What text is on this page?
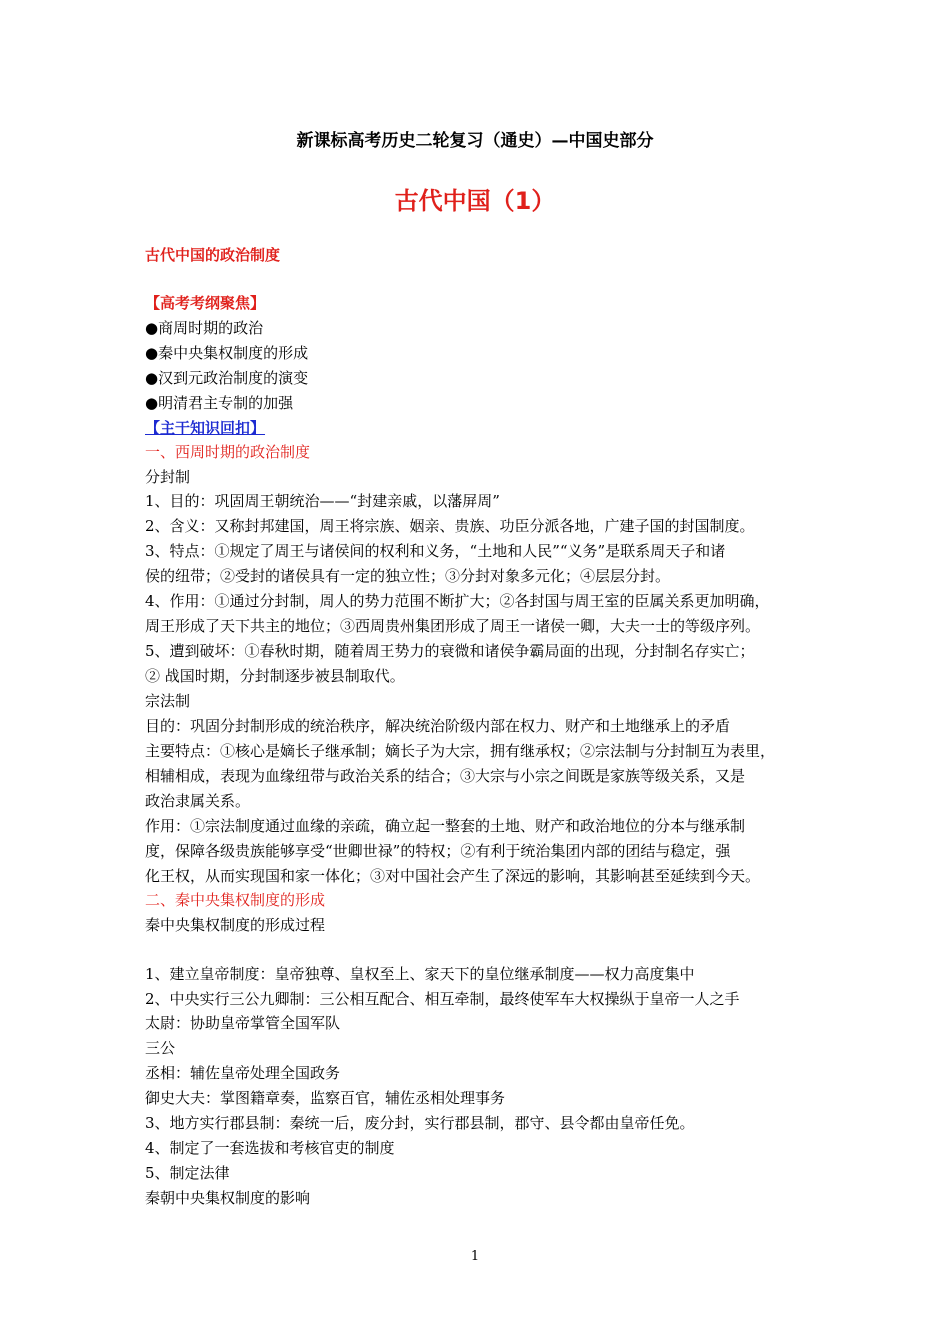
新课标高考历史二轮复习（通史）—中国史部分
古代中国（1）
古代中国的政治制度
【高考考纲聚焦】
●商周时期的政治
●秦中央集权制度的形成
●汉到元政治制度的演变
●明清君主专制的加强
【主干知识回扣】
一、西周时期的政治制度
分封制
1、目的：巩固周王朝统治——“封建亲戚，以藩屏周”
2、含义：又称封邦建国，周王将宗族、姻亲、贵族、功臣分派各地，广建子国的封国制度。
3、特点：①规定了周王与诸侯间的权利和义务，“土地和人民”“义务”是联系周天子和诸
侯的纽带；②受封的诸侯具有一定的独立性；③分封对象多元化；④层层分封。
4、作用：①通过分封制，周人的势力范围不断扩大；②各封国与周王室的臣属关系更加明确，
周王形成了天下共主的地位；③西周贵州集团形成了周王一诸侯一卿，大夫一士的等级序列。
5、遭到破坏：①春秋时期，随着周王势力的衰微和诸侯争霸局面的出现，分封制名存实亡；
② 战国时期，分封制逐步被县制取代。
宗法制
目的：巩固分封制形成的统治秩序，解决统治阶级内部在权力、财产和土地继承上的矛盾
主要特点：①核心是嫡长子继承制；嫡长子为大宗，拥有继承权；②宗法制与分封制互为表里，
相辅相成，表现为血缘纽带与政治关系的结合；③大宗与小宗之间既是家族等级关系，又是
政治隶属关系。
作用：①宗法制度通过血缘的亲疏，确立起一整套的土地、财产和政治地位的分本与继承制
度，保障各级贵族能够享受“世卿世禄”的特权；②有利于统治集团内部的团结与稳定，强
化王权，从而实现国和家一体化；③对中国社会产生了深远的影响，其影响甚至延续到今天。
二、秦中央集权制度的形成
秦中央集权制度的形成过程
1、建立皇帝制度：皇帝独尊、皇权至上、家天下的皇位继承制度——权力高度集中
2、中央实行三公九卿制：三公相互配合、相互牵制，最终使军车大权操纵于皇帝一人之手
太尉：协助皇帝掌管全国军队
三公
丞相：辅佐皇帝处理全国政务
御史大夫：掌图籍章奏，监察百官，辅佐丞相处理事务
3、地方实行郡县制：秦统一后，废分封，实行郡县制，郡守、县令都由皇帝任免。
4、制定了一套选拔和考核官吏的制度
5、制定法律
秦朝中央集权制度的影响
1
